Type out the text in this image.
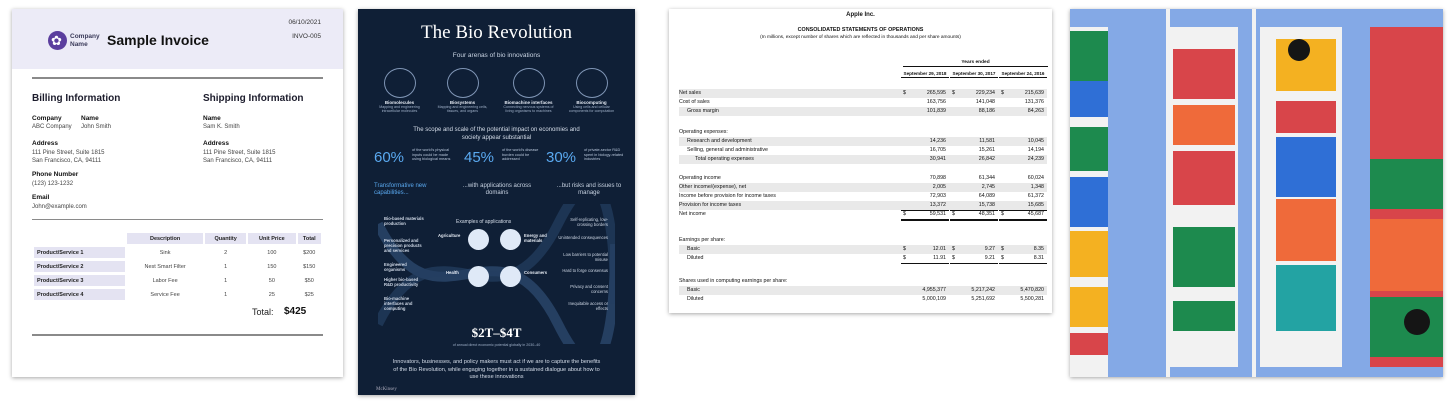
✿
Company Name	Sample Invoice
06/10/2021
INVO-005
Billing Information
Company
ABC Company
Name
John Smith
Address
111 Pine Street, Suite 1815
San Francisco, CA, 94111
Phone Number
(123) 123-1232
Email
John@example.com
Shipping Information
Name
Sam K. Smith
Address
111 Pine Street, Suite 1815
San Francisco, CA, 94111
	Description	Quantity	Unit Price	Total
Product/Service 1	Sink	2	100	$200
Product/Service 2	Nest Smart Filter	1	150	$150
Product/Service 3	Labor Fee	1	50	$50
Product/Service 4	Service Fee	1	25	$25
Total: $425
The Bio Revolution
Four arenas of bio innovations
Biomolecules
Mapping and engineering intracellular molecules
Biosystems
Mapping and engineering cells, tissues, and organs
Biomachine interfaces
Connecting nervous systems of living organisms to machines
Biocomputing
Using cells and cellular components for computation
The scope and scale of the potential impact on economies and society appear substantial
60% of the world's physical inputs could be made using biological means 45% of the world's disease burden could be addressed	30% of private-sector R&D spent in biology-related industries
Transformative new capabilities...
...with applications across domains
...but risks and issues to manage
Bio-based materials production
Personalized and precision products and services
Engineered organisms
Higher bio-based R&D productivity
Bio-machine interfaces and computing
Examples of applications
Agriculture	Energy and materials
Health	Consumers
Self-replicating, low-crossing borders
Unintended consequences
Low barriers to potential misuse
Hard to forge consensus
Privacy and consent concerns
Inequitable access or effects
$2T–$4T
of annual direct economic potential globally in 2030–40
Innovators, businesses, and policy makers must act if we are to capture the benefits of the Bio Revolution, while engaging together in a sustained dialogue about how to use these innovations
McKinsey
Apple Inc.
CONSOLIDATED STATEMENTS OF OPERATIONS
(In millions, except number of shares which are reflected in thousands and per share amounts)
Years ended
September 29, 2018	September 30, 2017	September 24, 2016
Net sales	$	265,595	$	229,234	$	215,639
Cost of sales	163,756	141,048	131,376
Gross margin	101,839	88,186	84,263
Operating expenses:
Research and development	14,236	11,581	10,045
Selling, general and administrative	16,705	15,261	14,194
Total operating expenses	30,941	26,842	24,239
Operating income	70,898	61,344	60,024
Other income/(expense), net	2,005	2,745	1,348
Income before provision for income taxes	72,903	64,089	61,372
Provision for income taxes	13,372	15,738	15,685
Net income	$	59,531	$	48,351	$	45,687
Earnings per share:
Basic	$	12.01	$	9.27	$	8.35
Diluted	$	11.91	$	9.21	$	8.31
Shares used in computing earnings per share:
Basic	4,955,377	5,217,242	5,470,820
Diluted	5,000,109	5,251,692	5,500,281
